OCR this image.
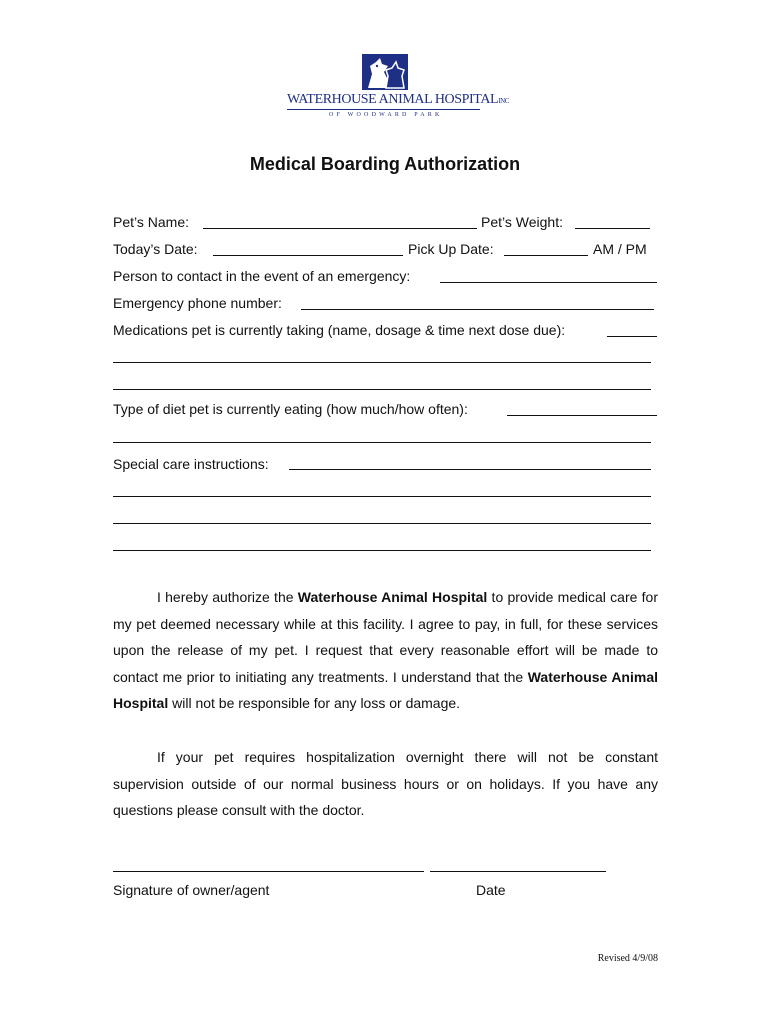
WATERHOUSE ANIMAL HOSPITALINC
OF WOODWARD PARK
Medical Boarding Authorization
Pet’s Name:	Pet’s Weight:
Today’s Date:	Pick Up Date:	AM / PM
Person to contact in the event of an emergency:
Emergency phone number:
Medications pet is currently taking (name, dosage & time next dose due):
Type of diet pet is currently eating (how much/how often):
Special care instructions:
I hereby authorize the Waterhouse Animal Hospital to provide medical care for my pet deemed necessary while at this facility. I agree to pay, in full, for these services upon the release of my pet. I request that every reasonable effort will be made to contact me prior to initiating any treatments. I understand that the Waterhouse Animal Hospital will not be responsible for any loss or damage.
If your pet requires hospitalization overnight there will not be constant supervision outside of our normal business hours or on holidays. If you have any questions please consult with the doctor.
Signature of owner/agent	Date
Revised 4/9/08
